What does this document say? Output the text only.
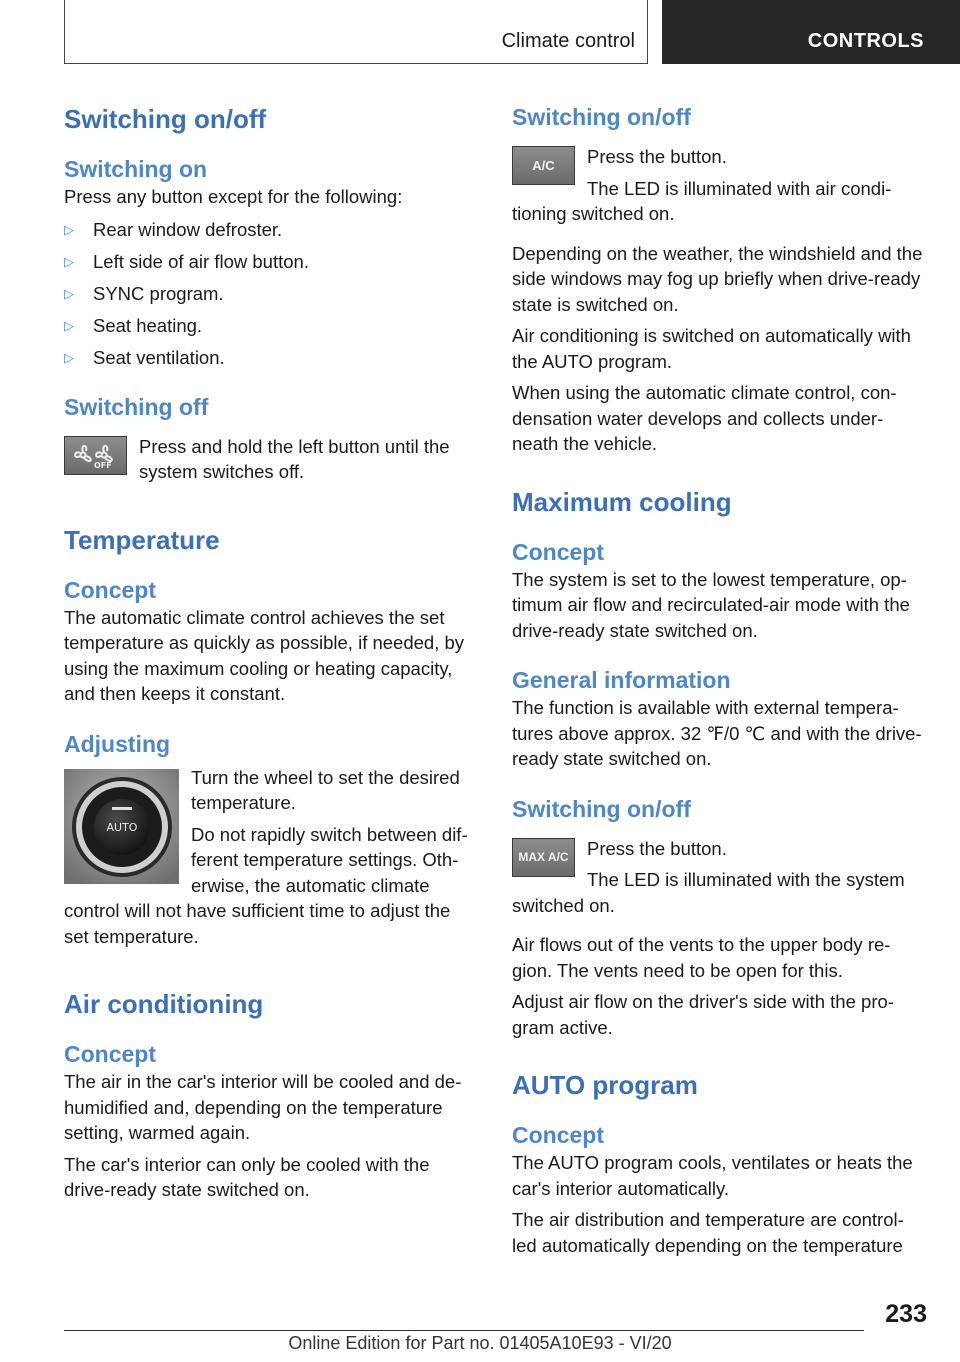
Climate control	CONTROLS
Switching on/off
Switching on

Press any button except for the following:

▷ Rear window defroster.
▷ Left side of air flow button.
▷ SYNC program.
▷ Seat heating.
▷ Seat ventilation.
Switching off
OFF

Press and hold the left button until the system switches off.

Temperature
Concept

The automatic climate control achieves the set temperature as quickly as possible, if needed, by using the maximum cooling or heating capacity, and then keeps it constant.

Adjusting
AUTO

Turn the wheel to set the desired temperature.

Do not rapidly switch between dif‐ ferent temperature settings. Oth‐ erwise, the automatic climate control will not have sufficient time to adjust the set temperature.

Air conditioning
Concept

The air in the car's interior will be cooled and de‐ humidified and, depending on the temperature setting, warmed again.

The car's interior can only be cooled with the drive-ready state switched on.

Switching on/off
A/C	Press the button.

The LED is illuminated with air condi‐ tioning switched on.

Depending on the weather, the windshield and the side windows may fog up briefly when drive-ready state is switched on.

Air conditioning is switched on automatically with the AUTO program.

When using the automatic climate control, con‐ densation water develops and collects under‐ neath the vehicle.

Maximum cooling
Concept

The system is set to the lowest temperature, op‐ timum air flow and recirculated-air mode with the drive-ready state switched on.

General information

The function is available with external tempera‐ tures above approx. 32 ℉/0 ℃ and with the drive-ready state switched on.

Switching on/off
MAX A/C Press the button.

The LED is illuminated with the system switched on.

Air flows out of the vents to the upper body re‐ gion. The vents need to be open for this.

Adjust air flow on the driver's side with the pro‐ gram active.

AUTO program
Concept

The AUTO program cools, ventilates or heats the car's interior automatically.

The air distribution and temperature are control‐ led automatically depending on the temperature

233
Online Edition for Part no. 01405A10E93 - VI/20
